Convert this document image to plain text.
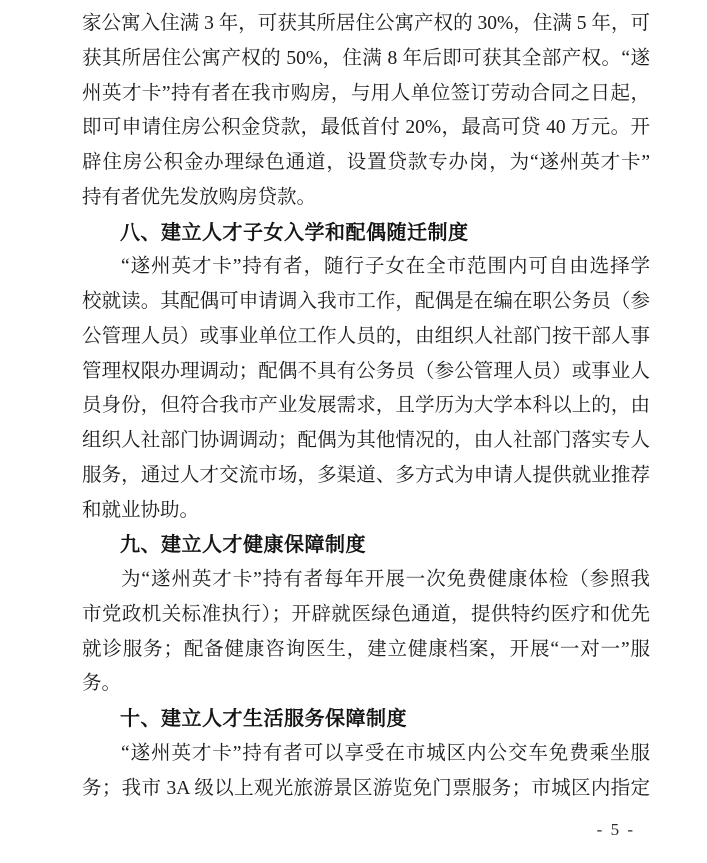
家公寓入住满 3 年，可获其所居住公寓产权的 30%，住满 5 年，可
获其所居住公寓产权的 50%，住满 8 年后即可获其全部产权。“遂
州英才卡”持有者在我市购房，与用人单位签订劳动合同之日起，
即可申请住房公积金贷款，最低首付 20%，最高可贷 40 万元。开
辟住房公积金办理绿色通道，设置贷款专办岗，为“遂州英才卡”
持有者优先发放购房贷款。
八、建立人才子女入学和配偶随迁制度
“遂州英才卡”持有者，随行子女在全市范围内可自由选择学
校就读。其配偶可申请调入我市工作，配偶是在编在职公务员（参
公管理人员）或事业单位工作人员的，由组织人社部门按干部人事
管理权限办理调动；配偶不具有公务员（参公管理人员）或事业人
员身份，但符合我市产业发展需求，且学历为大学本科以上的，由
组织人社部门协调调动；配偶为其他情况的，由人社部门落实专人
服务，通过人才交流市场，多渠道、多方式为申请人提供就业推荐
和就业协助。
九、建立人才健康保障制度
为“遂州英才卡”持有者每年开展一次免费健康体检（参照我
市党政机关标准执行）；开辟就医绿色通道，提供特约医疗和优先
就诊服务；配备健康咨询医生，建立健康档案，开展“一对一”服
务。
十、建立人才生活服务保障制度
“遂州英才卡”持有者可以享受在市城区内公交车免费乘坐服
务；我市 3A 级以上观光旅游景区游览免门票服务；市城区内指定
- 5 -
